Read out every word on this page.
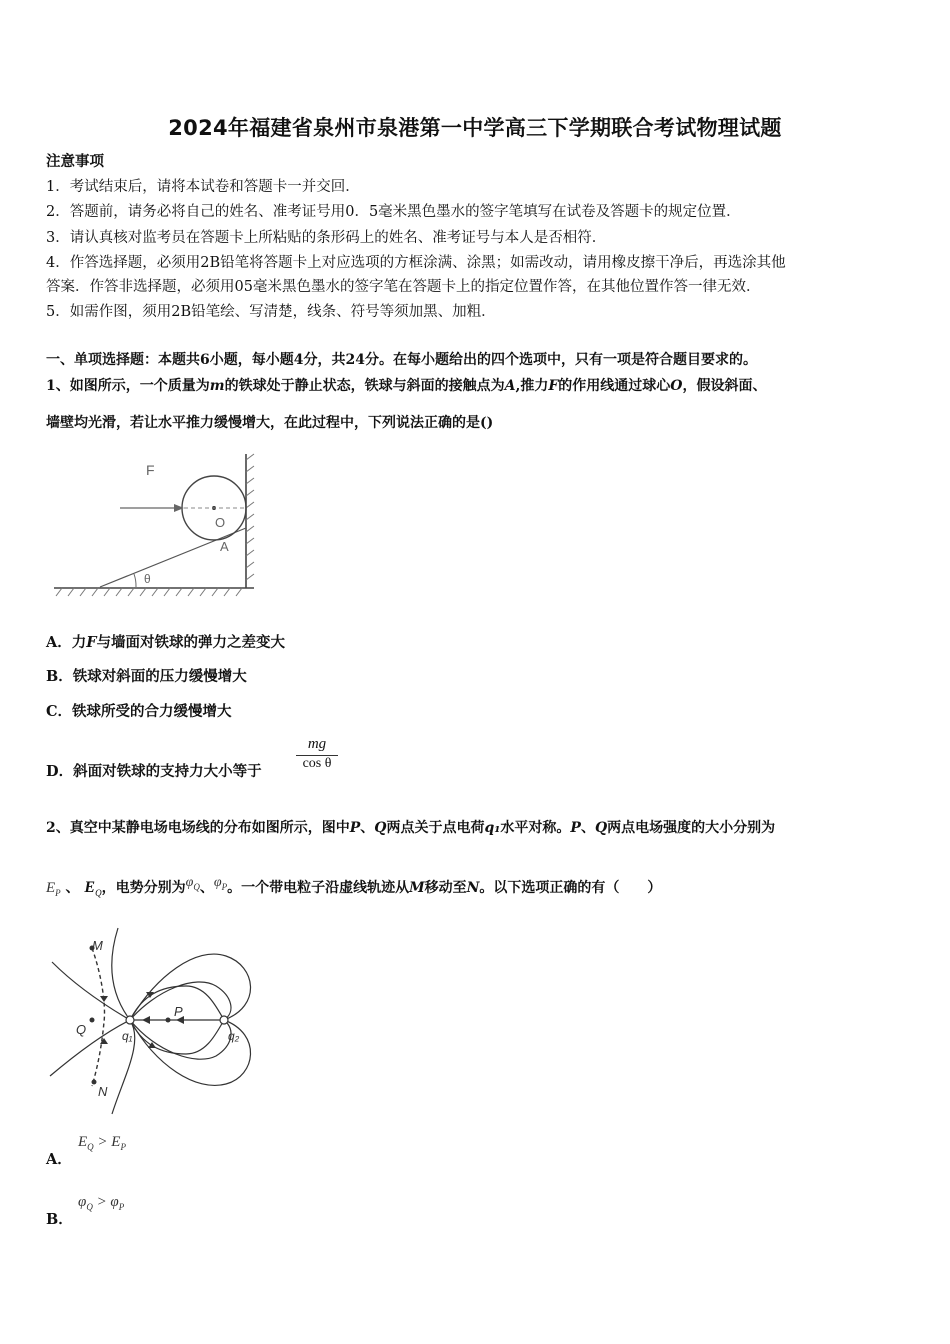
2024年福建省泉州市泉港第一中学高三下学期联合考试物理试题
注意事项
1．考试结束后，请将本试卷和答题卡一并交回．
2．答题前，请务必将自己的姓名、准考证号用0．5毫米黑色墨水的签字笔填写在试卷及答题卡的规定位置．
3．请认真核对监考员在答题卡上所粘贴的条形码上的姓名、准考证号与本人是否相符．
4．作答选择题，必须用2B铅笔将答题卡上对应选项的方框涂满、涂黑；如需改动，请用橡皮擦干净后，再选涂其他
答案．作答非选择题，必须用05毫米黑色墨水的签字笔在答题卡上的指定位置作答，在其他位置作答一律无效．
5．如需作图，须用2B铅笔绘、写清楚，线条、符号等须加黑、加粗．
一、单项选择题：本题共6小题，每小题4分，共24分。在每小题给出的四个选项中，只有一项是符合题目要求的。
1、如图所示，一个质量为m的铁球处于静止状态，铁球与斜面的接触点为A,推力F的作用线通过球心O，假设斜面、
墙壁均光滑，若让水平推力缓慢增大，在此过程中，下列说法正确的是()
F
O
A
θ
A．力F与墙面对铁球的弹力之差变大
B．铁球对斜面的压力缓慢增大
C．铁球所受的合力缓慢增大
D．斜面对铁球的支持力大小等于 $\frac{mg}{\text{cos θ}}$
2、真空中某静电场电场线的分布如图所示，图中P、Q两点关于点电荷q₁水平对称。P、Q两点电场强度的大小分别为
$E_P$ 、 $E_Q$，电势分别为$\varphi_Q$、$\varphi_P$。一个带电粒子沿虚线轨迹从M移动至N。以下选项正确的有（　　）
M
P
Q	q₁	q₂
N
A．
$E_Q > E_P$
B．
$\varphi_Q > \varphi_P$
